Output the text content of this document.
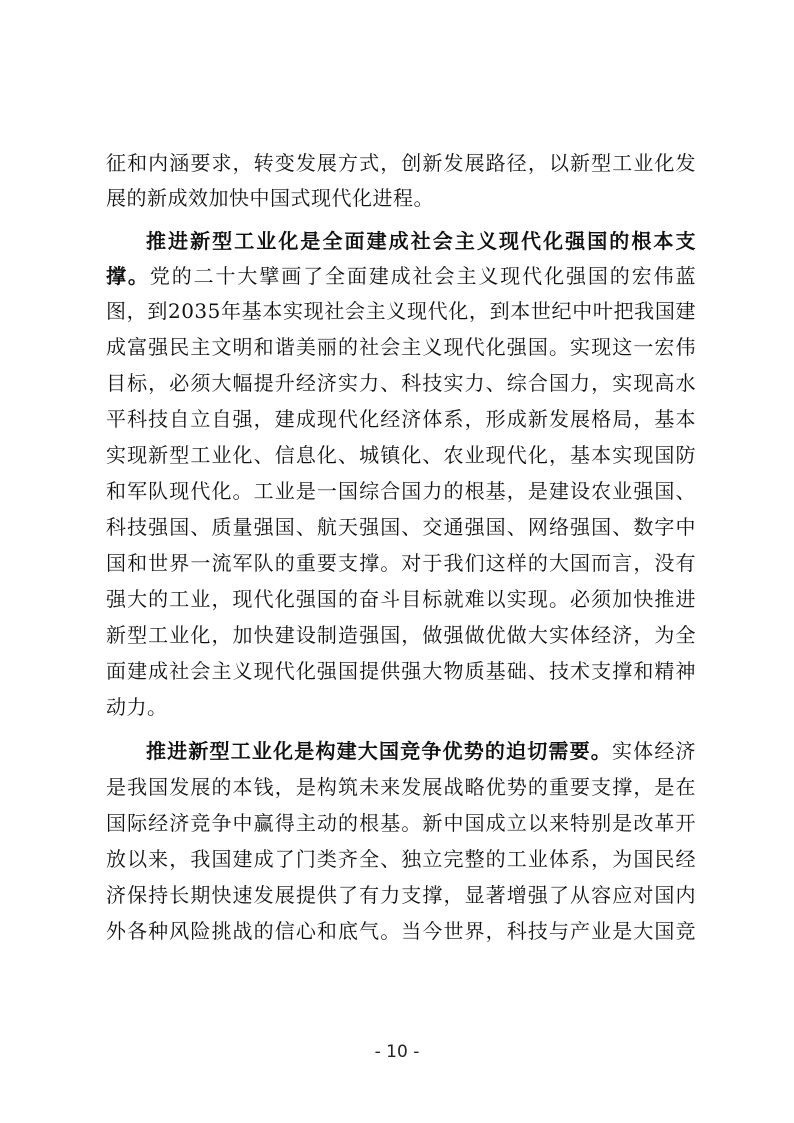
征和内涵要求，转变发展方式，创新发展路径，以新型工业化发
展的新成效加快中国式现代化进程。
推进新型工业化是全面建成社会主义现代化强国的根本支
撑。党的二十大擘画了全面建成社会主义现代化强国的宏伟蓝
图，到2035年基本实现社会主义现代化，到本世纪中叶把我国建
成富强民主文明和谐美丽的社会主义现代化强国。实现这一宏伟
目标，必须大幅提升经济实力、科技实力、综合国力，实现高水
平科技自立自强，建成现代化经济体系，形成新发展格局，基本
实现新型工业化、信息化、城镇化、农业现代化，基本实现国防
和军队现代化。工业是一国综合国力的根基，是建设农业强国、
科技强国、质量强国、航天强国、交通强国、网络强国、数字中
国和世界一流军队的重要支撑。对于我们这样的大国而言，没有
强大的工业，现代化强国的奋斗目标就难以实现。必须加快推进
新型工业化，加快建设制造强国，做强做优做大实体经济，为全
面建成社会主义现代化强国提供强大物质基础、技术支撑和精神
动力。
推进新型工业化是构建大国竞争优势的迫切需要。实体经济
是我国发展的本钱，是构筑未来发展战略优势的重要支撑，是在
国际经济竞争中赢得主动的根基。新中国成立以来特别是改革开
放以来，我国建成了门类齐全、独立完整的工业体系，为国民经
济保持长期快速发展提供了有力支撑，显著增强了从容应对国内
外各种风险挑战的信心和底气。当今世界，科技与产业是大国竞
- 10 -
